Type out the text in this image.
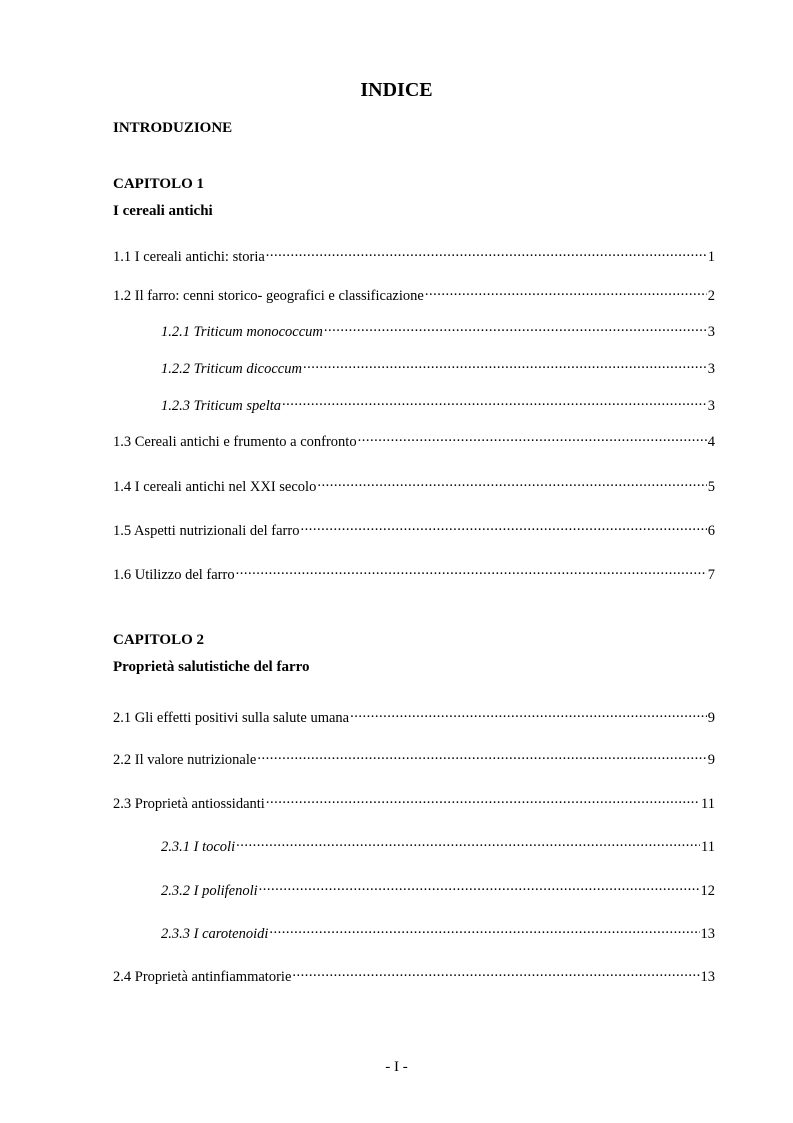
INDICE
INTRODUZIONE
CAPITOLO 1
I cereali antichi
1.1 I cereali antichi: storia .....	1
1.2 Il farro: cenni storico- geografici e classificazione .....	2
1.2.1 Triticum monococcum .....	3
1.2.2 Triticum dicoccum .....	3
1.2.3 Triticum spelta .....	3
1.3 Cereali antichi e frumento a confronto .....	4
1.4 I cereali antichi nel XXI secolo .....	5
1.5 Aspetti nutrizionali del farro .....	6
1.6 Utilizzo del farro .....	7
CAPITOLO 2
Proprietà salutistiche del farro
2.1 Gli effetti positivi sulla salute umana .....	9
2.2 Il valore nutrizionale .....	9
2.3 Proprietà antiossidanti .....	11
2.3.1 I tocoli .....	11
2.3.2 I polifenoli .....	12
2.3.3 I carotenoidi .....	13
2.4 Proprietà antinfiammatorie .....	13
- I -
